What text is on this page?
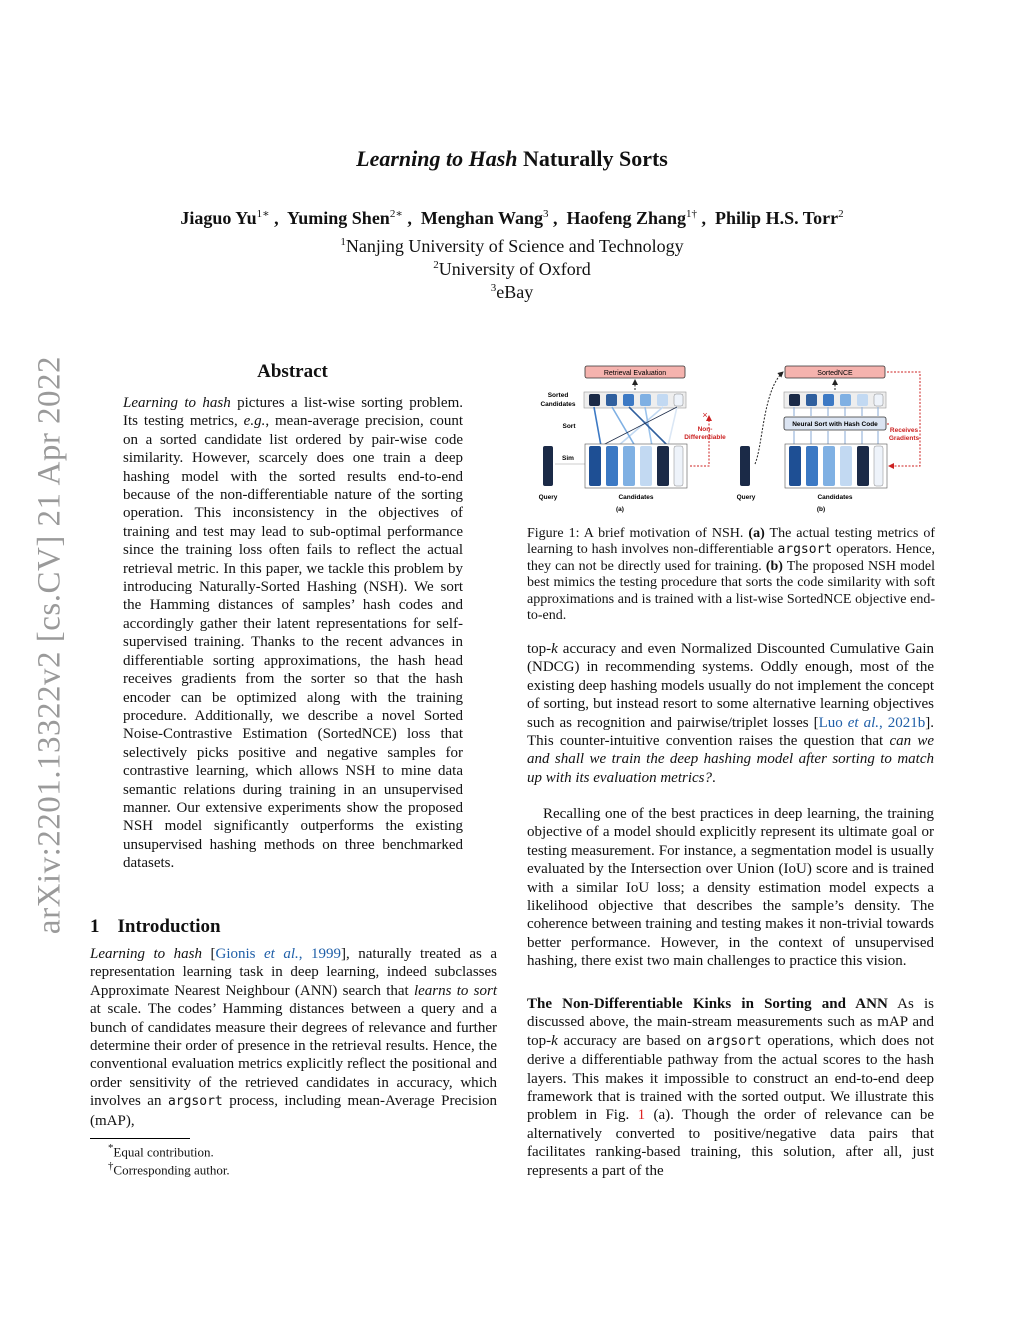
arXiv:2201.13322v2 [cs.CV] 21 Apr 2022
Learning to Hash Naturally Sorts
Jiaguo $Yu^{1∗}$ ,  Yuming Shen$^{2∗}$ ,  Menghan Wang$^3$ ,  Haofeng Zhang$^{1\dagger}$ ,  Philip H.S. Torr$^2$
$^1$Nanjing University of Science and Technology
$^2$University of Oxford
$^3$eBay
Abstract
Learning to hash pictures a list-wise sorting problem. Its testing metrics, e.g., mean-average precision, count on a sorted candidate list ordered by pair-wise code similarity. However, scarcely does one train a deep hashing model with the sorted results end-to-end because of the non-differentiable nature of the sorting operation. This inconsistency in the objectives of training and test may lead to sub-optimal performance since the training loss often fails to reflect the actual retrieval metric. In this paper, we tackle this problem by introducing Naturally-Sorted Hashing (NSH). We sort the Hamming distances of samples’ hash codes and accordingly gather their latent representations for self-supervised training. Thanks to the recent advances in differentiable sorting approximations, the hash head receives gradients from the sorter so that the hash encoder can be optimized along with the training procedure. Additionally, we describe a novel Sorted Noise-Contrastive Estimation (SortedNCE) loss that selectively picks positive and negative samples for contrastive learning, which allows NSH to mine data semantic relations during training in an unsupervised manner. Our extensive experiments show the proposed NSH model significantly outperforms the existing unsupervised hashing methods on three benchmarked datasets.
1 Introduction
Learning to hash [Gionis et al., 1999], naturally treated as a representation learning task in deep learning, indeed subclasses Approximate Nearest Neighbour (ANN) search that learns to sort at scale. The codes’ Hamming distances between a query and a bunch of candidates measure their degrees of relevance and further determine their order of presence in the retrieval results. Hence, the conventional evaluation metrics explicitly reflect the positional and order sensitivity of the retrieved candidates in accuracy, which involves an argsort process, including mean-Average Precision (mAP),
*Equal contribution.
†Corresponding author.
Retrieval Evaluation
Sorted
Candidates
Sort
Sim
×
Non-
Differentiable
Query	Candidates
(a)
SortedNCE
Neural Sort with Hash Code
Receives
Gradients
Query	Candidates
(b)
Figure 1: A brief motivation of NSH. (a) The actual testing metrics of learning to hash involves non-differentiable argsort operators. Hence, they can not be directly used for training. (b) The proposed NSH model best mimics the testing procedure that sorts the code similarity with soft approximations and is trained with a list-wise SortedNCE objective end-to-end.
top-k accuracy and even Normalized Discounted Cumulative Gain (NDCG) in recommending systems. Oddly enough, most of the existing deep hashing models usually do not implement the concept of sorting, but instead resort to some alternative learning objectives such as recognition and pairwise/triplet losses [Luo et al., 2021b]. This counter-intuitive convention raises the question that can we and shall we train the deep hashing model after sorting to match up with its evaluation metrics?.
Recalling one of the best practices in deep learning, the training objective of a model should explicitly represent its ultimate goal or testing measurement. For instance, a segmentation model is usually evaluated by the Intersection over Union (IoU) score and is trained with a similar IoU loss; a density estimation model expects a likelihood objective that describes the sample’s density. The coherence between training and testing makes it non-trivial towards better performance. However, in the context of unsupervised hashing, there exist two main challenges to practice this vision.
The Non-Differentiable Kinks in Sorting and ANN As is discussed above, the main-stream measurements such as mAP and top-k accuracy are based on argsort operations, which does not derive a differentiable pathway from the actual scores to the hash layers. This makes it impossible to construct an end-to-end deep framework that is trained with the sorted output. We illustrate this problem in Fig. 1 (a). Though the order of relevance can be alternatively converted to positive/negative data pairs that facilitates ranking-based training, this solution, after all, just represents a part of the
